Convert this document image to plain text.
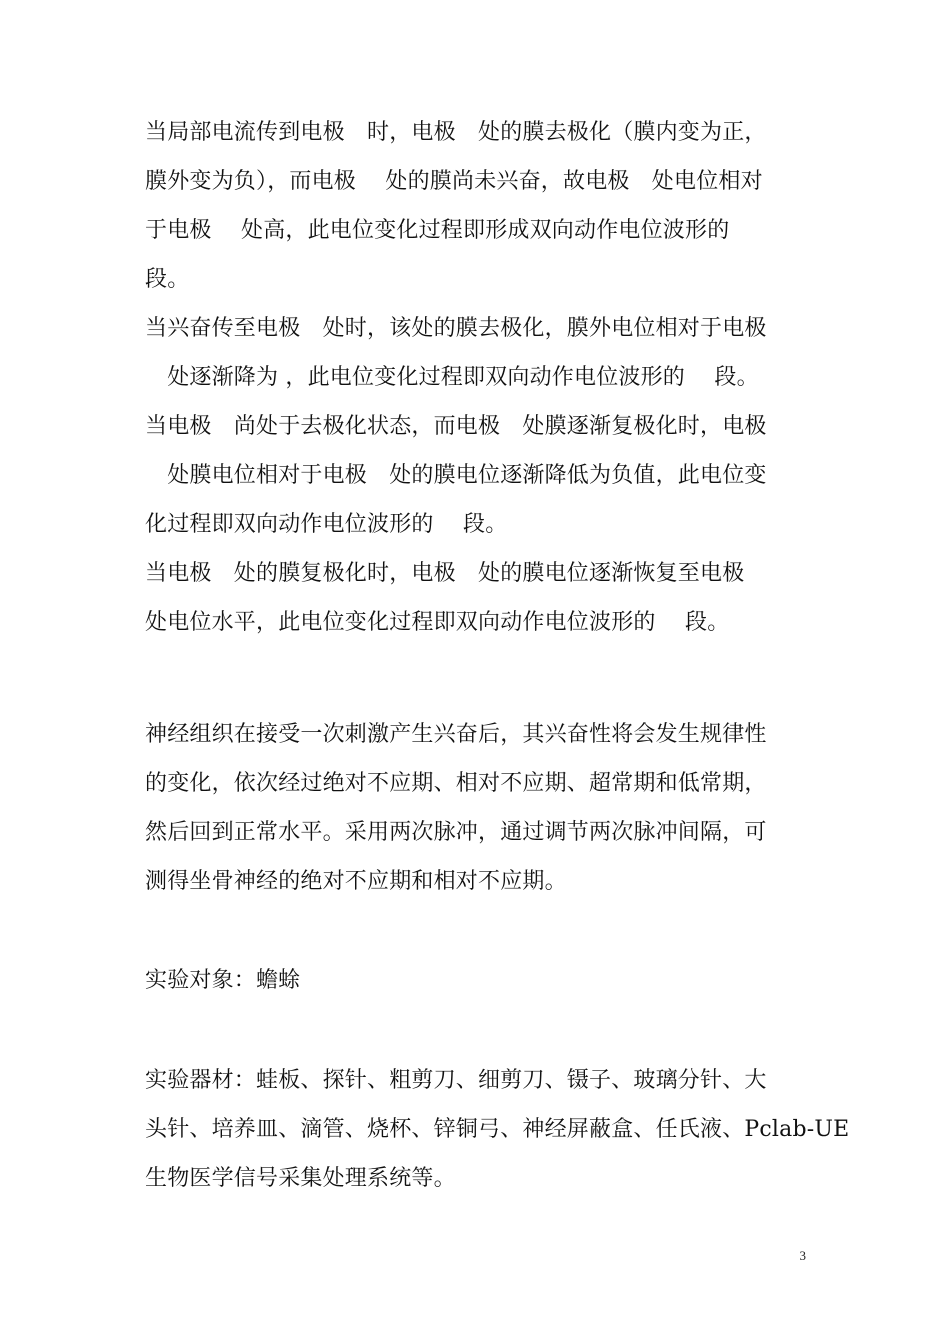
当局部电流传到电极　时，电极　处的膜去极化（膜内变为正，
膜外变为负），而电极　 处的膜尚未兴奋，故电极　处电位相对
于电极　 处高，此电位变化过程即形成双向动作电位波形的
段。
当兴奋传至电极　处时，该处的膜去极化，膜外电位相对于电极
　处逐渐降为 ，此电位变化过程即双向动作电位波形的　 段。
当电极　尚处于去极化状态，而电极　处膜逐渐复极化时，电极
　处膜电位相对于电极　处的膜电位逐渐降低为负值，此电位变
化过程即双向动作电位波形的　 段。
当电极　处的膜复极化时，电极　处的膜电位逐渐恢复至电极
处电位水平，此电位变化过程即双向动作电位波形的　 段。
神经组织在接受一次刺激产生兴奋后，其兴奋性将会发生规律性
的变化，依次经过绝对不应期、相对不应期、超常期和低常期，
然后回到正常水平。采用两次脉冲，通过调节两次脉冲间隔，可
测得坐骨神经的绝对不应期和相对不应期。
实验对象：蟾蜍
实验器材：蛙板、探针、粗剪刀、细剪刀、镊子、玻璃分针、大
头针、培养皿、滴管、烧杯、锌铜弓、神经屏蔽盒、任氏液、Pclab-UE
生物医学信号采集处理系统等。
3
